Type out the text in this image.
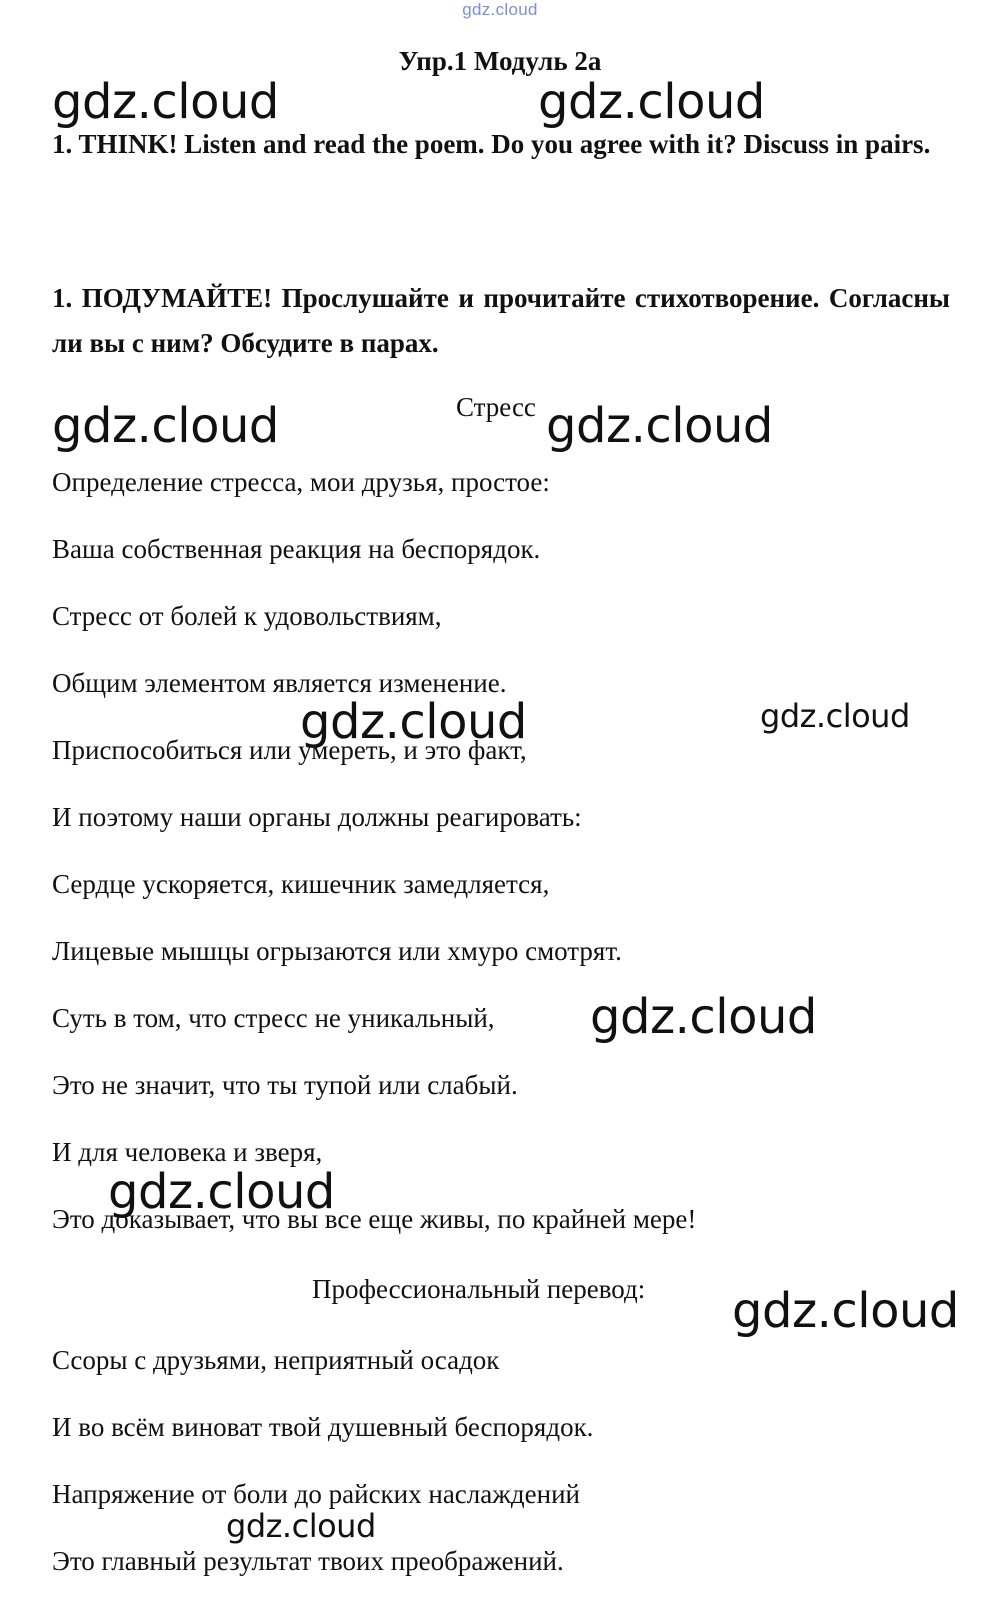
gdz.cloud
Упр.1 Модуль 2а

1. THINK! Listen and read the poem. Do you agree with it? Discuss in pairs.

1. ПОДУМАЙТЕ! Прослушайте и прочитайте стихотворение. Согласны ли вы с ним? Обсудите в парах.

Стресс

Определение стресса, мои друзья, простое:
Ваша собственная реакция на беспорядок.
Стресс от болей к удовольствиям,
Общим элементом является изменение.
Приспособиться или умереть, и это факт,
И поэтому наши органы должны реагировать:
Сердце ускоряется, кишечник замедляется,
Лицевые мышцы огрызаются или хмуро смотрят.
Суть в том, что стресс не уникальный,
Это не значит, что ты тупой или слабый.
И для человека и зверя,
Это доказывает, что вы все еще живы, по крайней мере!

Профессиональный перевод:

Ссоры с друзьями, неприятный осадок
И во всём виноват твой душевный беспорядок.
Напряжение от боли до райских наслаждений
Это главный результат твоих преображений.
gdz.cloud	gdz.cloud
gdz.cloud	gdz.cloud
gdz.cloud	gdz.cloud
gdz.cloud
gdz.cloud
gdz.cloud
gdz.cloud
